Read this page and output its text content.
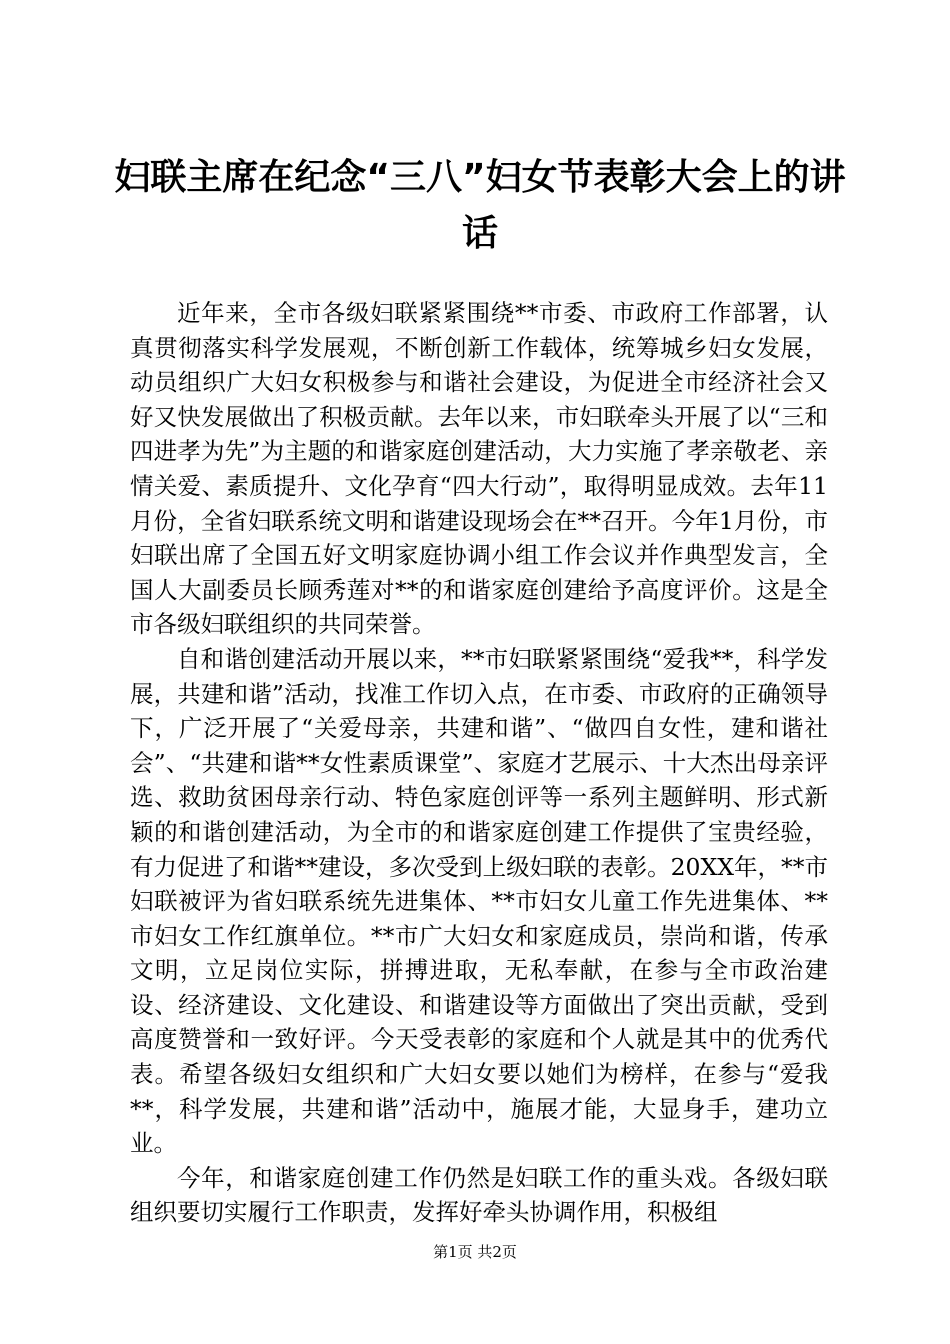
妇联主席在纪念“三八”妇女节表彰大会上的讲话

近年来，全市各级妇联紧紧围绕**市委、市政府工作部署，认真贯彻落实科学发展观，不断创新工作载体，统筹城乡妇女发展，动员组织广大妇女积极参与和谐社会建设，为促进全市经济社会又好又快发展做出了积极贡献。去年以来，市妇联牵头开展了以“三和四进孝为先”为主题的和谐家庭创建活动，大力实施了孝亲敬老、亲情关爱、素质提升、文化孕育“四大行动”，取得明显成效。去年11月份，全省妇联系统文明和谐建设现场会在**召开。今年1月份，市妇联出席了全国五好文明家庭协调小组工作会议并作典型发言，全国人大副委员长顾秀莲对**的和谐家庭创建给予高度评价。这是全市各级妇联组织的共同荣誉。

自和谐创建活动开展以来，**市妇联紧紧围绕“爱我**，科学发展，共建和谐”活动，找准工作切入点，在市委、市政府的正确领导下，广泛开展了“关爱母亲，共建和谐”、“做四自女性，建和谐社会”、“共建和谐**女性素质课堂”、家庭才艺展示、十大杰出母亲评选、救助贫困母亲行动、特色家庭创评等一系列主题鲜明、形式新颖的和谐创建活动，为全市的和谐家庭创建工作提供了宝贵经验，有力促进了和谐**建设，多次受到上级妇联的表彰。20XX年，**市妇联被评为省妇联系统先进集体、**市妇女儿童工作先进集体、**市妇女工作红旗单位。**市广大妇女和家庭成员，崇尚和谐，传承文明，立足岗位实际，拼搏进取，无私奉献，在参与全市政治建设、经济建设、文化建设、和谐建设等方面做出了突出贡献，受到高度赞誉和一致好评。今天受表彰的家庭和个人就是其中的优秀代表。希望各级妇女组织和广大妇女要以她们为榜样，在参与“爱我**，科学发展，共建和谐”活动中，施展才能，大显身手，建功立业。

今年，和谐家庭创建工作仍然是妇联工作的重头戏。各级妇联组织要切实履行工作职责，发挥好牵头协调作用，积极组

第1页 共2页
